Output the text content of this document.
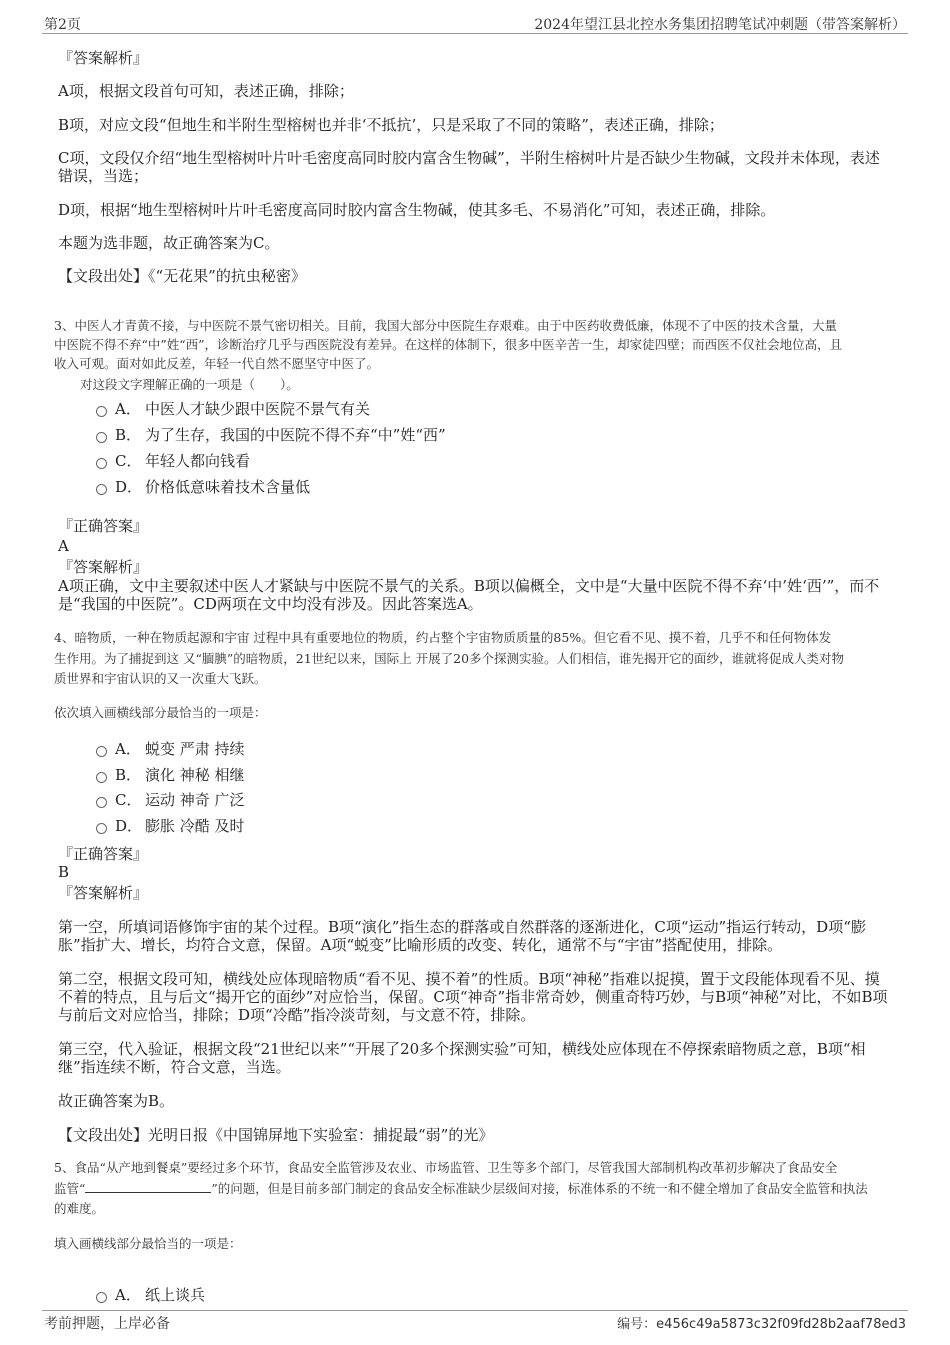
第2页	2024年望江县北控水务集团招聘笔试冲刺题（带答案解析）
『答案解析』
A项，根据文段首句可知，表述正确，排除；
B项，对应文段“但地生和半附生型榕树也并非‘不抵抗’，只是采取了不同的策略”，表述正确，排除；
C项，文段仅介绍“地生型榕树叶片叶毛密度高同时胶内富含生物碱”，半附生榕树叶片是否缺少生物碱，文段并未体现，表述
错误，当选；
D项，根据“地生型榕树叶片叶毛密度高同时胶内富含生物碱，使其多毛、不易消化”可知，表述正确，排除。
本题为选非题，故正确答案为C。
【文段出处】《“无花果”的抗虫秘密》
3、中医人才青黄不接，与中医院不景气密切相关。目前，我国大部分中医院生存艰难。由于中医药收费低廉，体现不了中医的技术含量，大量
中医院不得不弃“中”姓“西”，诊断治疗几乎与西医院没有差异。在这样的体制下，很多中医辛苦一生，却家徒四壁；而西医不仅社会地位高，且
收入可观。面对如此反差，年轻一代自然不愿坚守中医了。
对这段文字理解正确的一项是（　　）。
A． 中医人才缺少跟中医院不景气有关
B． 为了生存，我国的中医院不得不弃“中”姓“西”
C． 年轻人都向钱看
D． 价格低意味着技术含量低
『正确答案』
A
『答案解析』
A项正确，文中主要叙述中医人才紧缺与中医院不景气的关系。B项以偏概全，文中是“大量中医院不得不弃‘中’姓‘西’”，而不
是“我国的中医院”。CD两项在文中均没有涉及。因此答案选A。
4、暗物质，一种在物质起源和宇宙 过程中具有重要地位的物质，约占整个宇宙物质质量的85%。但它看不见、摸不着，几乎不和任何物体发
生作用。为了捕捉到这 又“腼腆”的暗物质，21世纪以来，国际上 开展了20多个探测实验。人们相信，谁先揭开它的面纱，谁就将促成人类对物
质世界和宇宙认识的又一次重大飞跃。
依次填入画横线部分最恰当的一项是：
A． 蜕变 严肃 持续
B． 演化 神秘 相继
C． 运动 神奇 广泛
D． 膨胀 冷酷 及时
『正确答案』
B
『答案解析』
第一空，所填词语修饰宇宙的某个过程。B项“演化”指生态的群落或自然群落的逐渐进化，C项“运动”指运行转动，D项“膨
胀”指扩大、增长，均符合文意，保留。A项“蜕变”比喻形质的改变、转化，通常不与“宇宙”搭配使用，排除。
第二空，根据文段可知，横线处应体现暗物质“看不见、摸不着”的性质。B项“神秘”指难以捉摸，置于文段能体现看不见、摸
不着的特点，且与后文“揭开它的面纱”对应恰当，保留。C项“神奇”指非常奇妙，侧重奇特巧妙，与B项“神秘”对比，不如B项
与前后文对应恰当，排除；D项“冷酷”指冷淡苛刻，与文意不符，排除。
第三空，代入验证，根据文段“21世纪以来”“开展了20多个探测实验”可知，横线处应体现在不停探索暗物质之意，B项“相
继”指连续不断，符合文意，当选。
故正确答案为B。
【文段出处】光明日报《中国锦屏地下实验室：捕捉最“弱”的光》
5、食品“从产地到餐桌”要经过多个环节，食品安全监管涉及农业、市场监管、卫生等多个部门，尽管我国大部制机构改革初步解决了食品安全
监管“	”的问题，但是目前多部门制定的食品安全标准缺少层级间对接，标准体系的不统一和不健全增加了食品安全监管和执法
的难度。
填入画横线部分最恰当的一项是：
A． 纸上谈兵
考前押题，上岸必备	编号：e456c49a5873c32f09fd28b2aaf78ed3
